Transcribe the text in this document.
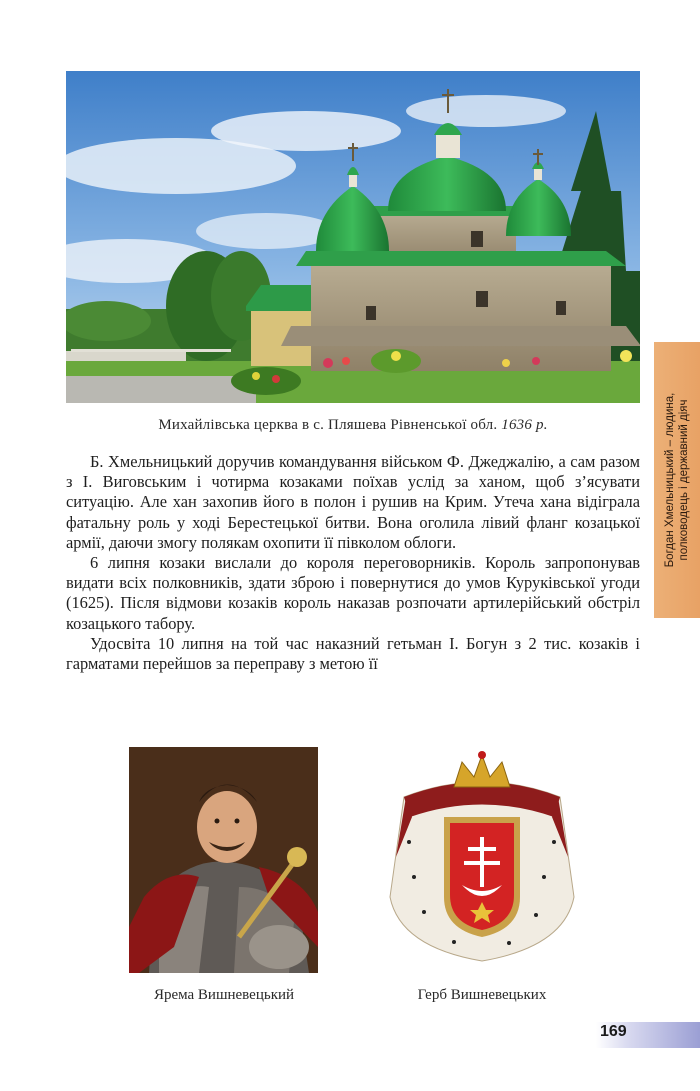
Михайлівська церква в с. Пляшева Рівненської обл. 1636 р.	Богдан Хмельницький – людина, полководець і державний діяч

Б. Хмельницький доручив командування військом Ф. Джеджалію, а сам разом з І. Виговським і чотирма козаками поїхав услід за ханом, щоб з’ясувати ситуацію. Але хан захопив його в полон і рушив на Крим. Утеча хана відіграла фатальну роль у ході Берестецької битви. Вона оголила лівий фланг козацької армії, даючи змогу полякам охопити її півколом облоги.

6 липня козаки вислали до короля переговорників. Король запропонував видати всіх полковників, здати зброю і повернутися до умов Куруківської угоди (1625). Після відмови козаків король наказав розпочати артилерійський обстріл козацького табору.

Удосвіта 10 липня на той час наказний гетьман І. Богун з 2 тис. козаків і гарматами перейшов за переправу з метою її

Ярема Вишневецький	Герб Вишневецьких
169
